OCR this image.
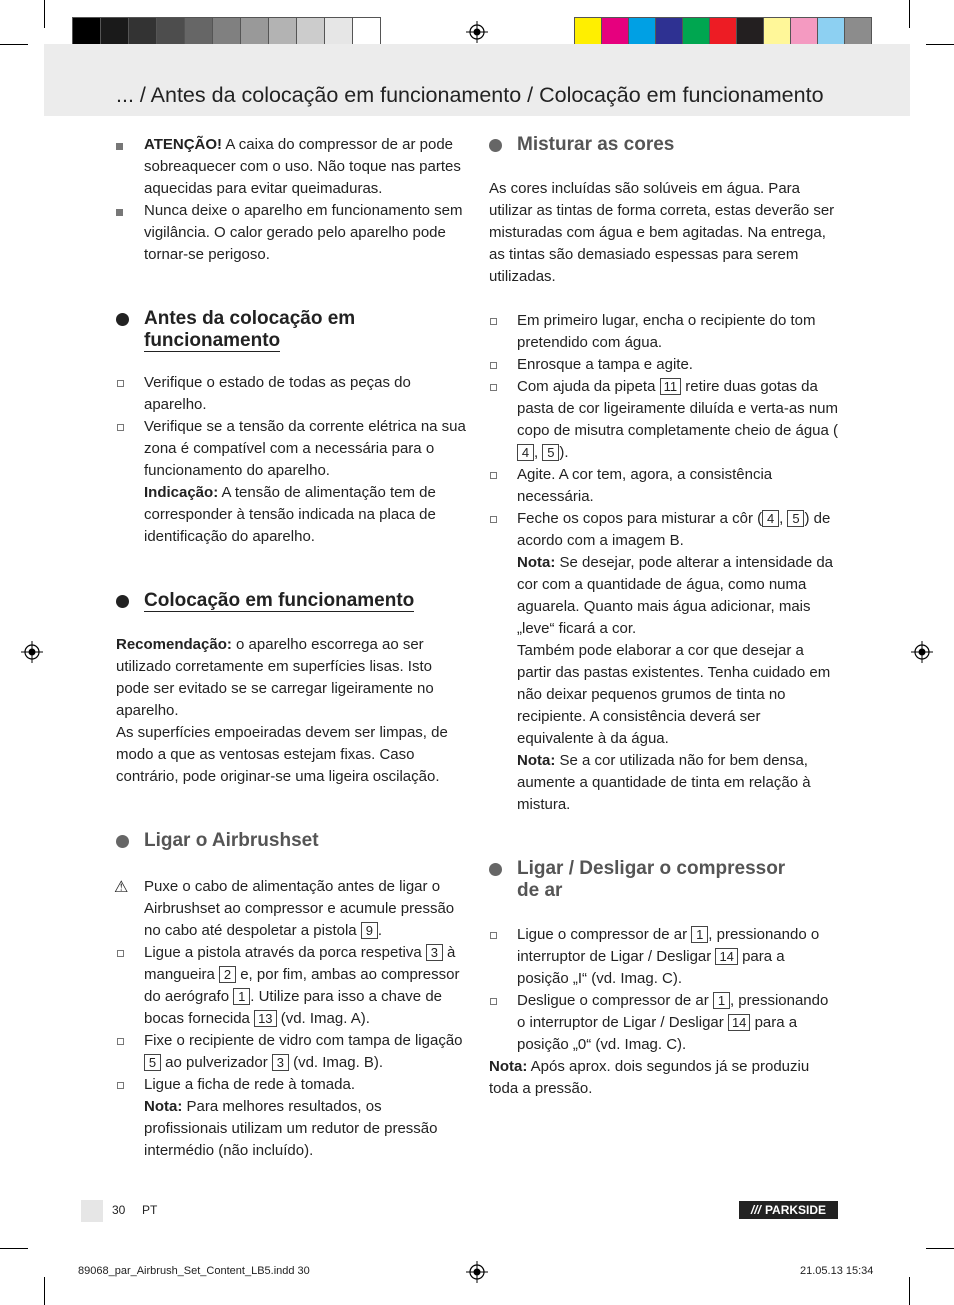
... / Antes da colocação em funcionamento / Colocação em funcionamento
ATENÇÃO! A caixa do compressor de ar pode sobreaquecer com o uso. Não toque nas partes aquecidas para evitar queimaduras.
Nunca deixe o aparelho em funcionamento sem vigilância. O calor gerado pelo aparelho pode tornar-se perigoso.
Antes da colocação em
funcionamento
Verifique o estado de todas as peças do aparelho.
Verifique se a tensão da corrente elétrica na sua zona é compatível com a necessária para o funcionamento do aparelho.
Indicação: A tensão de alimentação tem de corresponder à tensão indicada na placa de identificação do aparelho.
Colocação em funcionamento
Recomendação: o aparelho escorrega ao ser utilizado corretamente em superfícies lisas. Isto pode ser evitado se se carregar ligeiramente no aparelho.
As superfícies empoeiradas devem ser limpas, de modo a que as ventosas estejam fixas. Caso contrário, pode originar-se uma ligeira oscilação.
Ligar o Airbrushset
⚠ Puxe o cabo de alimentação antes de ligar o Airbrushset ao compressor e acumule pressão no cabo até despoletar a pistola 9 .
Ligue a pistola através da porca respetiva 3 à mangueira 2 e, por fim, ambas ao compressor do aerógrafo 1 . Utilize para isso a chave de bocas fornecida 13 (vd. Imag. A).
Fixe o recipiente de vidro com tampa de ligação 5 ao pulverizador 3 (vd. Imag. B).
Ligue a ficha de rede à tomada.
Nota: Para melhores resultados, os profissionais utilizam um redutor de pressão intermédio (não incluído).
Misturar as cores
As cores incluídas são solúveis em água. Para utilizar as tintas de forma correta, estas deverão ser misturadas com água e bem agitadas. Na entrega, as tintas são demasiado espessas para serem utilizadas.
Em primeiro lugar, encha o recipiente do tom pretendido com água.
Enrosque a tampa e agite.
Com ajuda da pipeta 11 retire duas gotas da pasta de cor ligeiramente diluída e verta-as num copo de misutra completamente cheio de água (4 , 5 ).
Agite. A cor tem, agora, a consistência necessária.
Feche os copos para misturar a côr ( 4 , 5 ) de acordo com a imagem B.
Nota: Se desejar, pode alterar a intensidade da cor com a quantidade de água, como numa aguarela. Quanto mais água adicionar, mais „leve“ ficará a cor.
Também pode elaborar a cor que desejar a partir das pastas existentes. Tenha cuidado em não deixar pequenos grumos de tinta no recipiente. A consistência deverá ser equivalente à da água.
Nota: Se a cor utilizada não for bem densa, aumente a quantidade de tinta em relação à mistura.
Ligar / Desligar o compressor
de ar
Ligue o compressor de ar 1 , pressionando o interruptor de Ligar / Desligar 14 para a posição „I“ (vd. Imag. C).
Desligue o compressor de ar 1 , pressionando o interruptor de Ligar / Desligar 14 para a posição „0“ (vd. Imag. C).
Nota: Após aprox. dois segundos já se produziu toda a pressão.
30 PT	/// PARKSIDE
89068_par_Airbrush_Set_Content_LB5.indd 30	21.05.13 15:34
